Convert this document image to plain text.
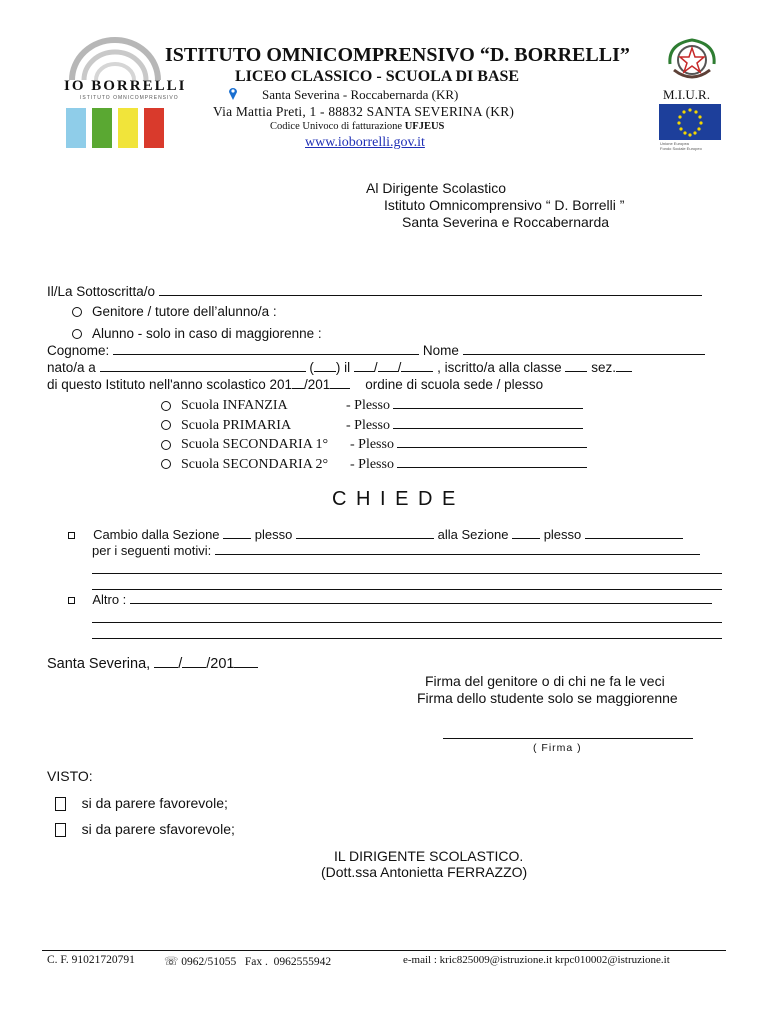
IO BORRELLI
ISTITUTO OMNICOMPRENSIVO
ISTITUTO OMNICOMPRENSIVO “D. BORRELLI”
LICEO CLASSICO - SCUOLA DI BASE
Santa Severina - Roccabernarda (KR)
Via Mattia Preti, 1 - 88832 SANTA SEVERINA (KR)
Codice Univoco di fatturazione UFJEUS
www.ioborrelli.gov.it
M.I.U.R.
Unione Europea
Fondo Sociale Europeo
Al Dirigente Scolastico
Istituto Omnicomprensivo “ D. Borrelli ”
Santa Severina e Roccabernarda
Il/La Sottoscritta/o
Genitore / tutore dell’alunno/a :
Alunno - solo in caso di maggiorenne :
Cognome:	Nome
nato/a a	( ) il / /	, iscritto/a alla classe sez.
di questo Istituto nell'anno scolastico 201 /201	ordine di scuola sede / plesso
Scuola INFANZIA	- Plesso
Scuola PRIMARIA	- Plesso
Scuola SECONDARIA 1° - Plesso
Scuola SECONDARIA 2° - Plesso
C H I E D E
Cambio dalla Sezione	plesso	alla Sezione	plesso
per i seguenti motivi:
Altro :
Santa Severina, / /201
Firma del genitore o di chi ne fa le veci
Firma dello studente solo se maggiorenne
( Firma )
VISTO:
si da parere favorevole;
si da parere sfavorevole;
IL DIRIGENTE SCOLASTICO.
(Dott.ssa Antonietta FERRAZZO)
C. F. 91021720791	☏ 0962/51055 Fax . 0962555942	e-mail : kric825009@istruzione.it krpc010002@istruzione.it
